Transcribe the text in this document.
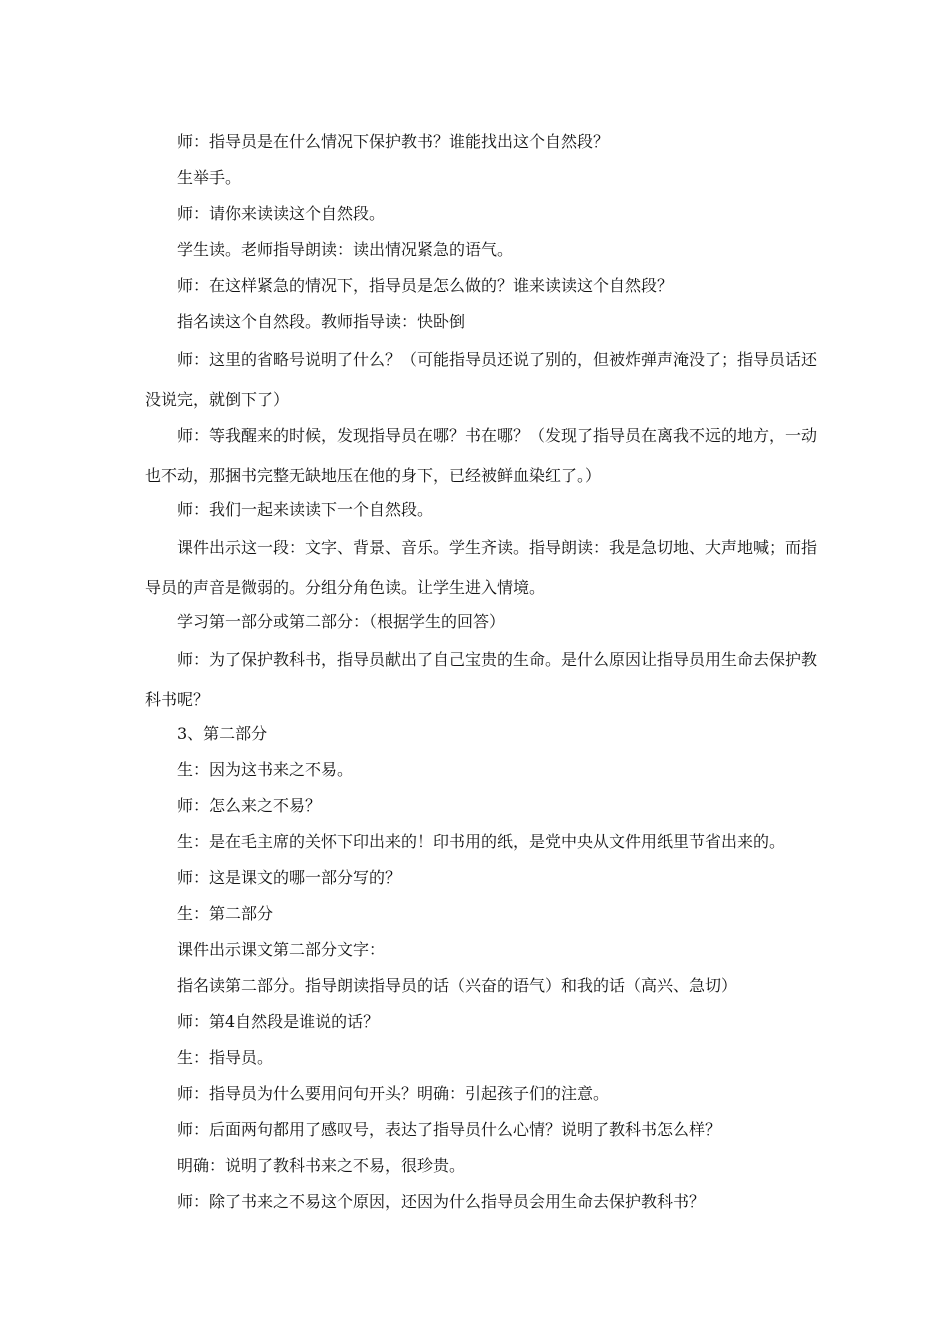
师：指导员是在什么情况下保护教书？谁能找出这个自然段？

生举手。

师：请你来读读这个自然段。

学生读。老师指导朗读：读出情况紧急的语气。

师：在这样紧急的情况下，指导员是怎么做的？谁来读读这个自然段？

指名读这个自然段。教师指导读：快卧倒

师：这里的省略号说明了什么？（可能指导员还说了别的，但被炸弹声淹没了；指导员话还没说完，就倒下了）

师：等我醒来的时候，发现指导员在哪？书在哪？（发现了指导员在离我不远的地方，一动也不动，那捆书完整无缺地压在他的身下，已经被鲜血染红了。）

师：我们一起来读读下一个自然段。

课件出示这一段：文字、背景、音乐。学生齐读。指导朗读：我是急切地、大声地喊；而指导员的声音是微弱的。分组分角色读。让学生进入情境。

学习第一部分或第二部分：（根据学生的回答）

师：为了保护教科书，指导员献出了自己宝贵的生命。是什么原因让指导员用生命去保护教科书呢？

3、第二部分

生：因为这书来之不易。

师：怎么来之不易？

生：是在毛主席的关怀下印出来的！印书用的纸，是党中央从文件用纸里节省出来的。

师：这是课文的哪一部分写的？

生：第二部分

课件出示课文第二部分文字：

指名读第二部分。指导朗读指导员的话（兴奋的语气）和我的话（高兴、急切）

师：第4自然段是谁说的话？

生：指导员。

师：指导员为什么要用问句开头？明确：引起孩子们的注意。

师：后面两句都用了感叹号，表达了指导员什么心情？说明了教科书怎么样？

明确：说明了教科书来之不易，很珍贵。

师：除了书来之不易这个原因，还因为什么指导员会用生命去保护教科书？
